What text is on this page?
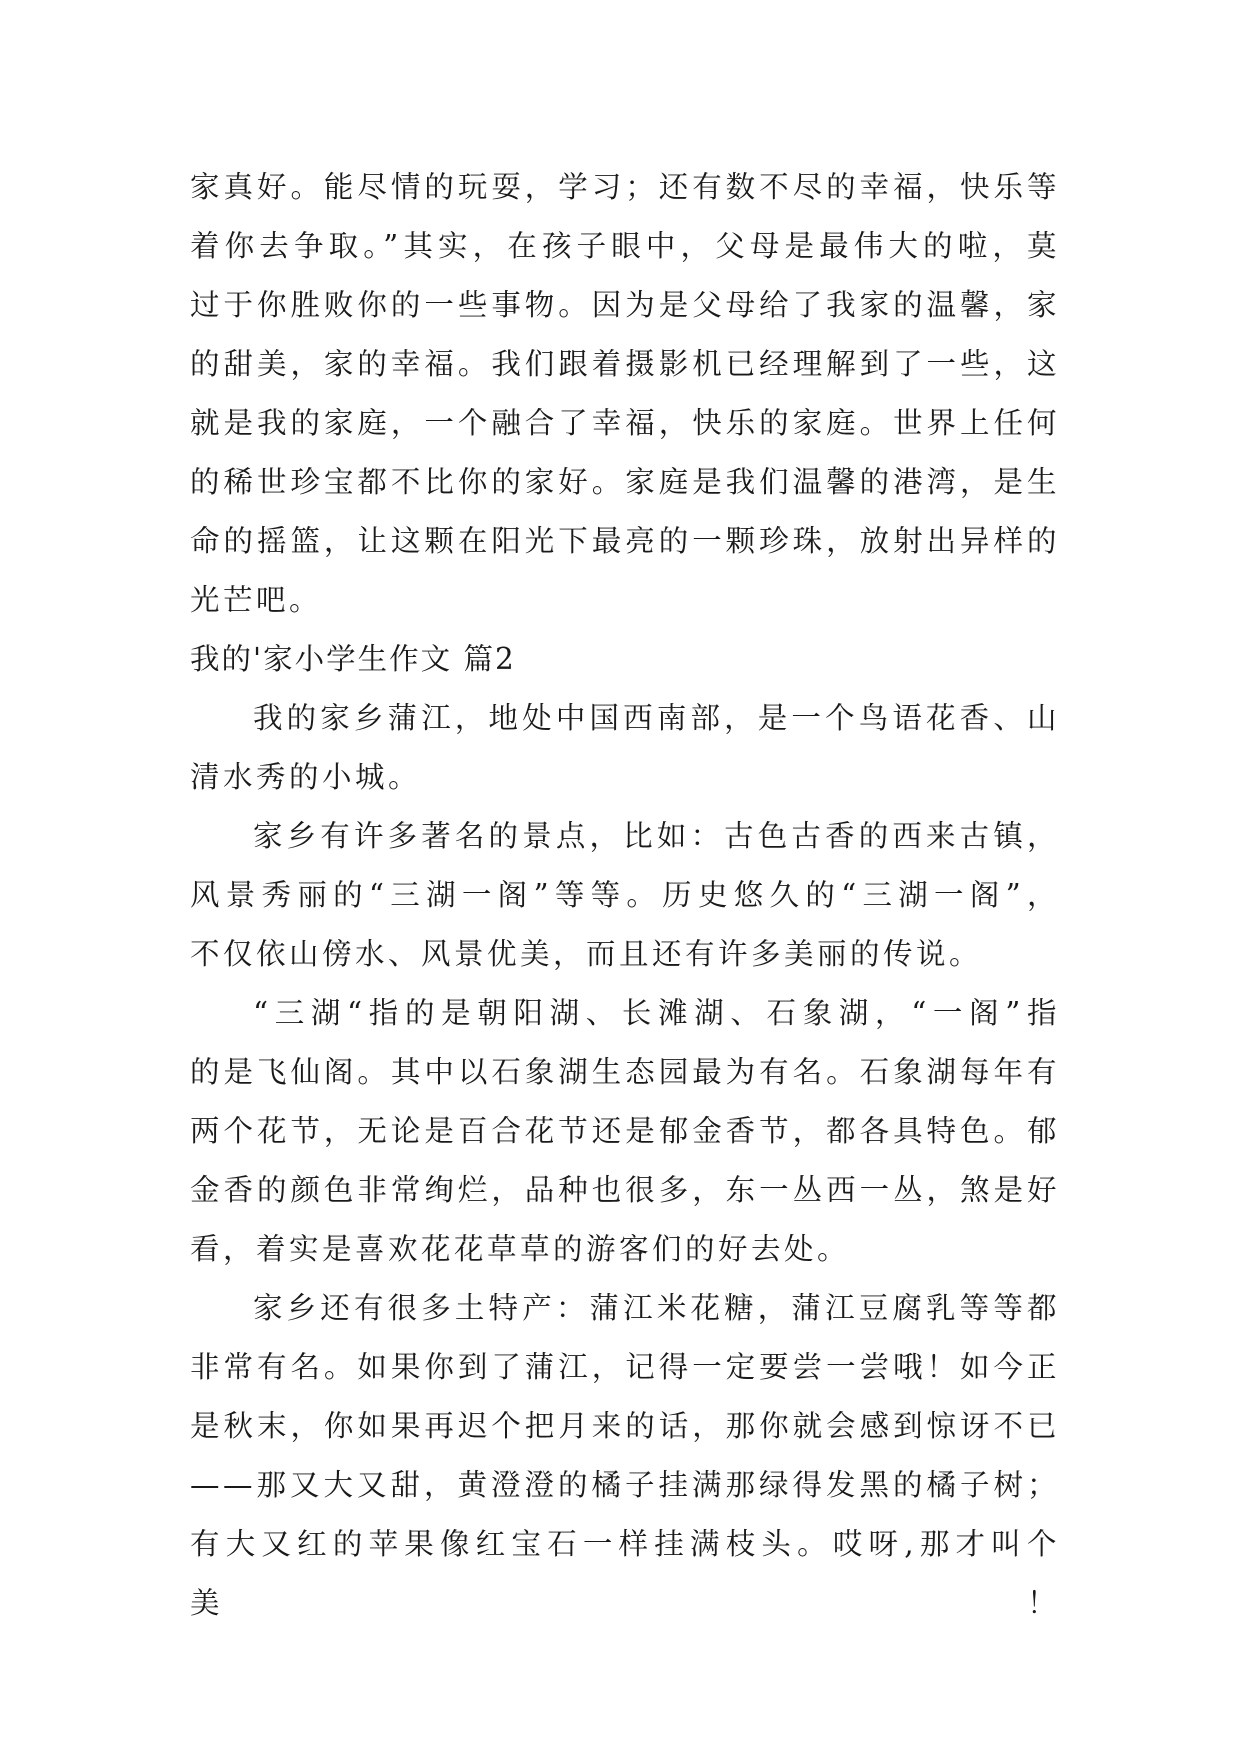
家真好。能尽情的玩耍，学习；还有数不尽的幸福，快乐等
着你去争取。”其实，在孩子眼中，父母是最伟大的啦，莫
过于你胜败你的一些事物。因为是父母给了我家的温馨，家
的甜美，家的幸福。我们跟着摄影机已经理解到了一些，这
就是我的家庭，一个融合了幸福，快乐的家庭。世界上任何
的稀世珍宝都不比你的家好。家庭是我们温馨的港湾，是生
命的摇篮，让这颗在阳光下最亮的一颗珍珠，放射出异样的
光芒吧。
我的'家小学生作文 篇2
我的家乡蒲江，地处中国西南部，是一个鸟语花香、山
清水秀的小城。
家乡有许多著名的景点，比如：古色古香的西来古镇，
风景秀丽的“三湖一阁”等等。历史悠久的“三湖一阁”，
不仅依山傍水、风景优美，而且还有许多美丽的传说。
“三湖“指的是朝阳湖、长滩湖、石象湖，“一阁”指
的是飞仙阁。其中以石象湖生态园最为有名。石象湖每年有
两个花节，无论是百合花节还是郁金香节，都各具特色。郁
金香的颜色非常绚烂，品种也很多，东一丛西一丛，煞是好
看，着实是喜欢花花草草的游客们的好去处。
家乡还有很多土特产：蒲江米花糖，蒲江豆腐乳等等都
非常有名。如果你到了蒲江，记得一定要尝一尝哦！如今正
是秋末，你如果再迟个把月来的话，那你就会感到惊讶不已
——那又大又甜，黄澄澄的橘子挂满那绿得发黑的橘子树；
有大又红的苹果像红宝石一样挂满枝头。哎呀,那才叫个美！
